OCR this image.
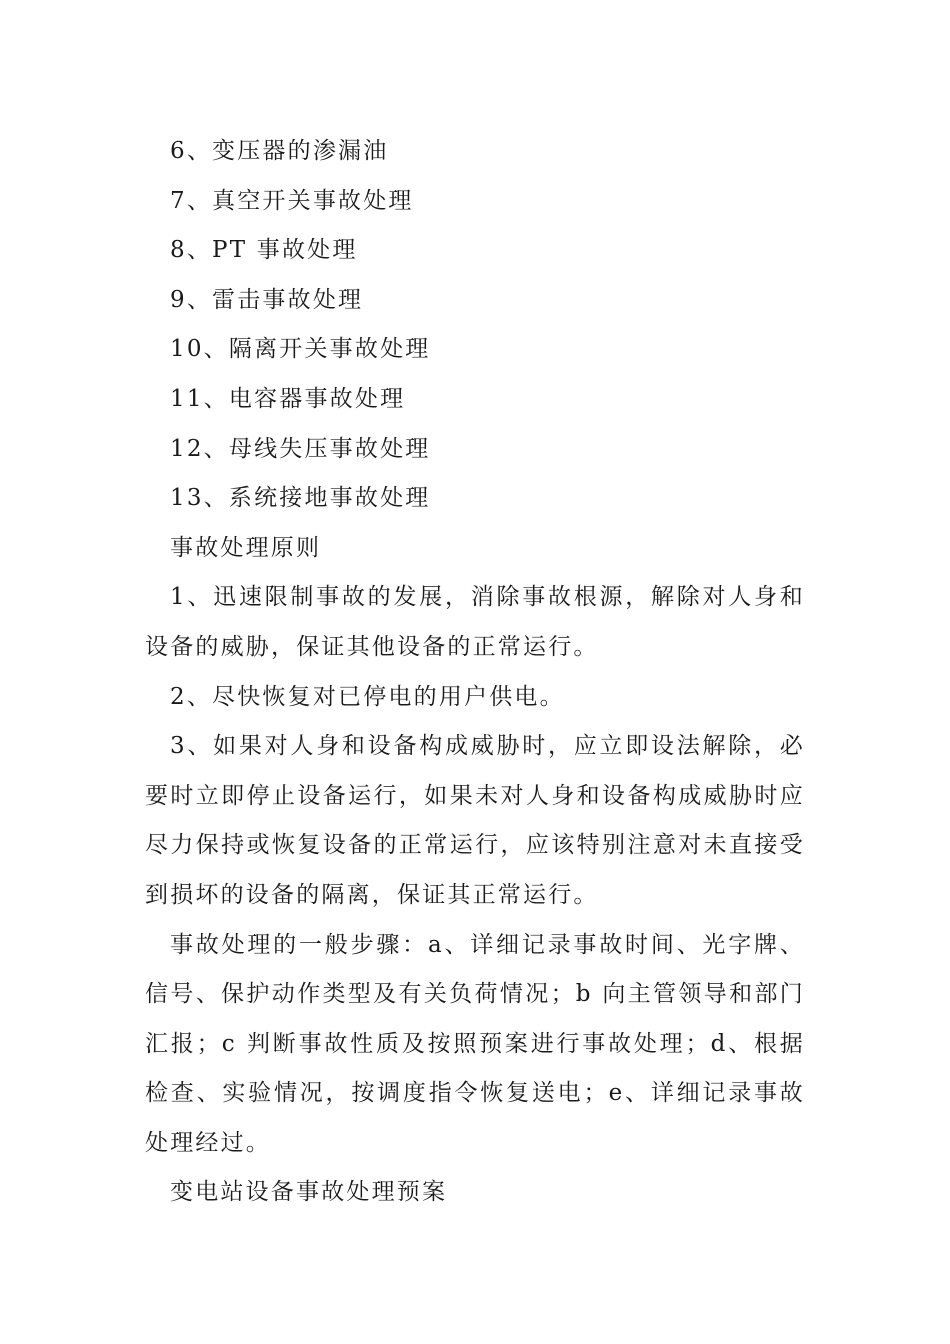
6、变压器的渗漏油
7、真空开关事故处理
8、PT 事故处理
9、雷击事故处理
10、隔离开关事故处理
11、电容器事故处理
12、母线失压事故处理
13、系统接地事故处理
事故处理原则

1、迅速限制事故的发展，消除事故根源，解除对人身和设备的威胁，保证其他设备的正常运行。

2、尽快恢复对已停电的用户供电。

3、如果对人身和设备构成威胁时，应立即设法解除，必要时立即停止设备运行，如果未对人身和设备构成威胁时应尽力保持或恢复设备的正常运行，应该特别注意对未直接受到损坏的设备的隔离，保证其正常运行。

事故处理的一般步骤：a、详细记录事故时间、光字牌、信号、保护动作类型及有关负荷情况；b 向主管领导和部门汇报；c 判断事故性质及按照预案进行事故处理；d、根据检查、实验情况，按调度指令恢复送电；e、详细记录事故处理经过。

变电站设备事故处理预案
